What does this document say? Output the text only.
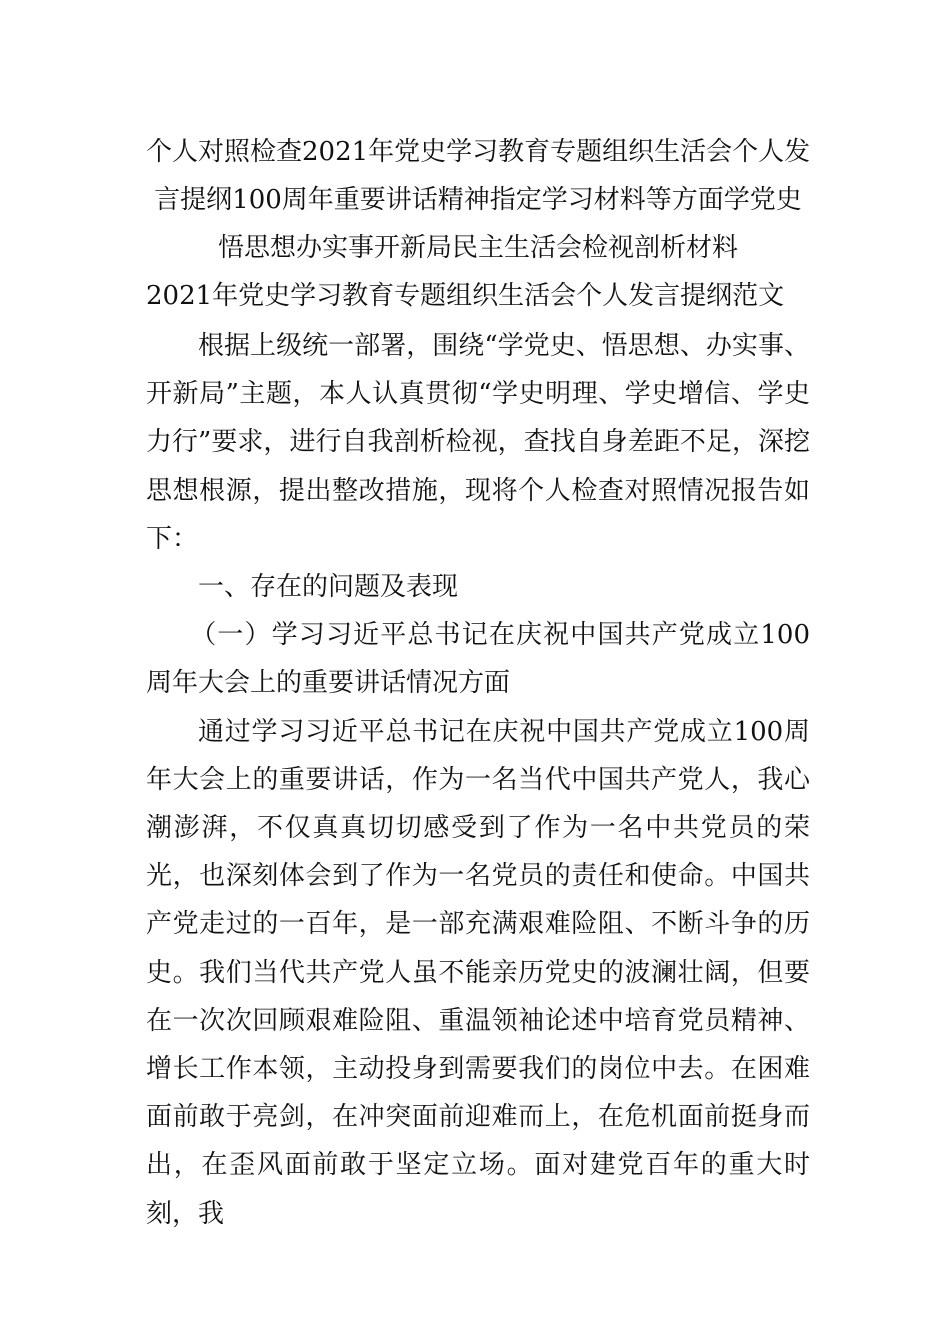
个人对照检查2021年党史学习教育专题组织生活会个人发
言提纲100周年重要讲话精神指定学习材料等方面学党史
悟思想办实事开新局民主生活会检视剖析材料
2021年党史学习教育专题组织生活会个人发言提纲范文

根据上级统一部署，围绕“学党史、悟思想、办实事、开新局”主题，本人认真贯彻“学史明理、学史增信、学史力行”要求，进行自我剖析检视，查找自身差距不足，深挖思想根源，提出整改措施，现将个人检查对照情况报告如下：

一、存在的问题及表现

（一）学习习近平总书记在庆祝中国共产党成立100周年大会上的重要讲话情况方面

通过学习习近平总书记在庆祝中国共产党成立100周年大会上的重要讲话，作为一名当代中国共产党人，我心潮澎湃，不仅真真切切感受到了作为一名中共党员的荣光，也深刻体会到了作为一名党员的责任和使命。中国共产党走过的一百年，是一部充满艰难险阻、不断斗争的历史。我们当代共产党人虽不能亲历党史的波澜壮阔，但要在一次次回顾艰难险阻、重温领袖论述中培育党员精神、增长工作本领，主动投身到需要我们的岗位中去。在困难面前敢于亮剑，在冲突面前迎难而上，在危机面前挺身而出，在歪风面前敢于坚定立场。面对建党百年的重大时刻，我
